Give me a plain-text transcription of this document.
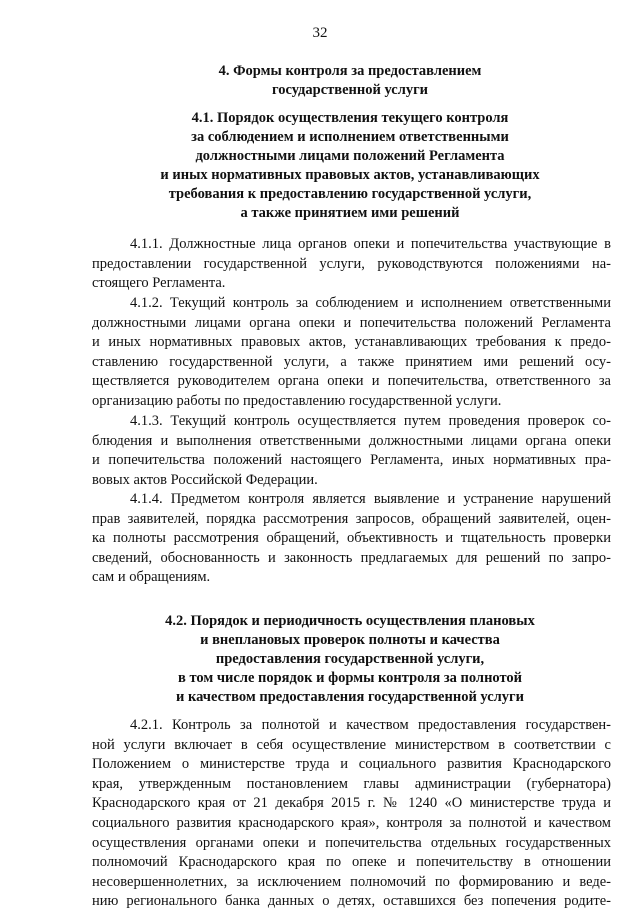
32
4. Формы контроля за предоставлением
государственной услуги
4.1. Порядок осуществления текущего контроля
за соблюдением и исполнением ответственными
должностными лицами положений Регламента
и иных нормативных правовых актов, устанавливающих
требования к предоставлению государственной услуги,
а также принятием ими решений
4.1.1. Должностные лица органов опеки и попечительства участвующие в
предоставлении государственной услуги, руководствуются положениями на-
стоящего Регламента.
4.1.2. Текущий контроль за соблюдением и исполнением ответственными
должностными лицами органа опеки и попечительства положений Регламента
и иных нормативных правовых актов, устанавливающих требования к предо-
ставлению государственной услуги, а также принятием ими решений осу-
ществляется руководителем органа опеки и попечительства, ответственного за
организацию работы по предоставлению государственной услуги.
4.1.3. Текущий контроль осуществляется путем проведения проверок со-
блюдения и выполнения ответственными должностными лицами органа опеки
и попечительства положений настоящего Регламента, иных нормативных пра-
вовых актов Российской Федерации.
4.1.4. Предметом контроля является выявление и устранение нарушений
прав заявителей, порядка рассмотрения запросов, обращений заявителей, оцен-
ка полноты рассмотрения обращений, объективность и тщательность проверки
сведений, обоснованность и законность предлагаемых для решений по запро-
сам и обращениям.
4.2. Порядок и периодичность осуществления плановых
и внеплановых проверок полноты и качества
предоставления государственной услуги,
в том числе порядок и формы контроля за полнотой
и качеством предоставления государственной услуги
4.2.1. Контроль за полнотой и качеством предоставления государствен-
ной услуги включает в себя осуществление министерством в соответствии с
Положением о министерстве труда и социального развития Краснодарского
края, утвержденным постановлением главы администрации (губернатора)
Краснодарского края от 21 декабря 2015 г. № 1240 «О министерстве труда и
социального развития краснодарского края», контроля за полнотой и качеством
осуществления органами опеки и попечительства отдельных государственных
полномочий Краснодарского края по опеке и попечительству в отношении
несовершеннолетних, за исключением полномочий по формированию и веде-
нию регионального банка данных о детях, оставшихся без попечения родите-
